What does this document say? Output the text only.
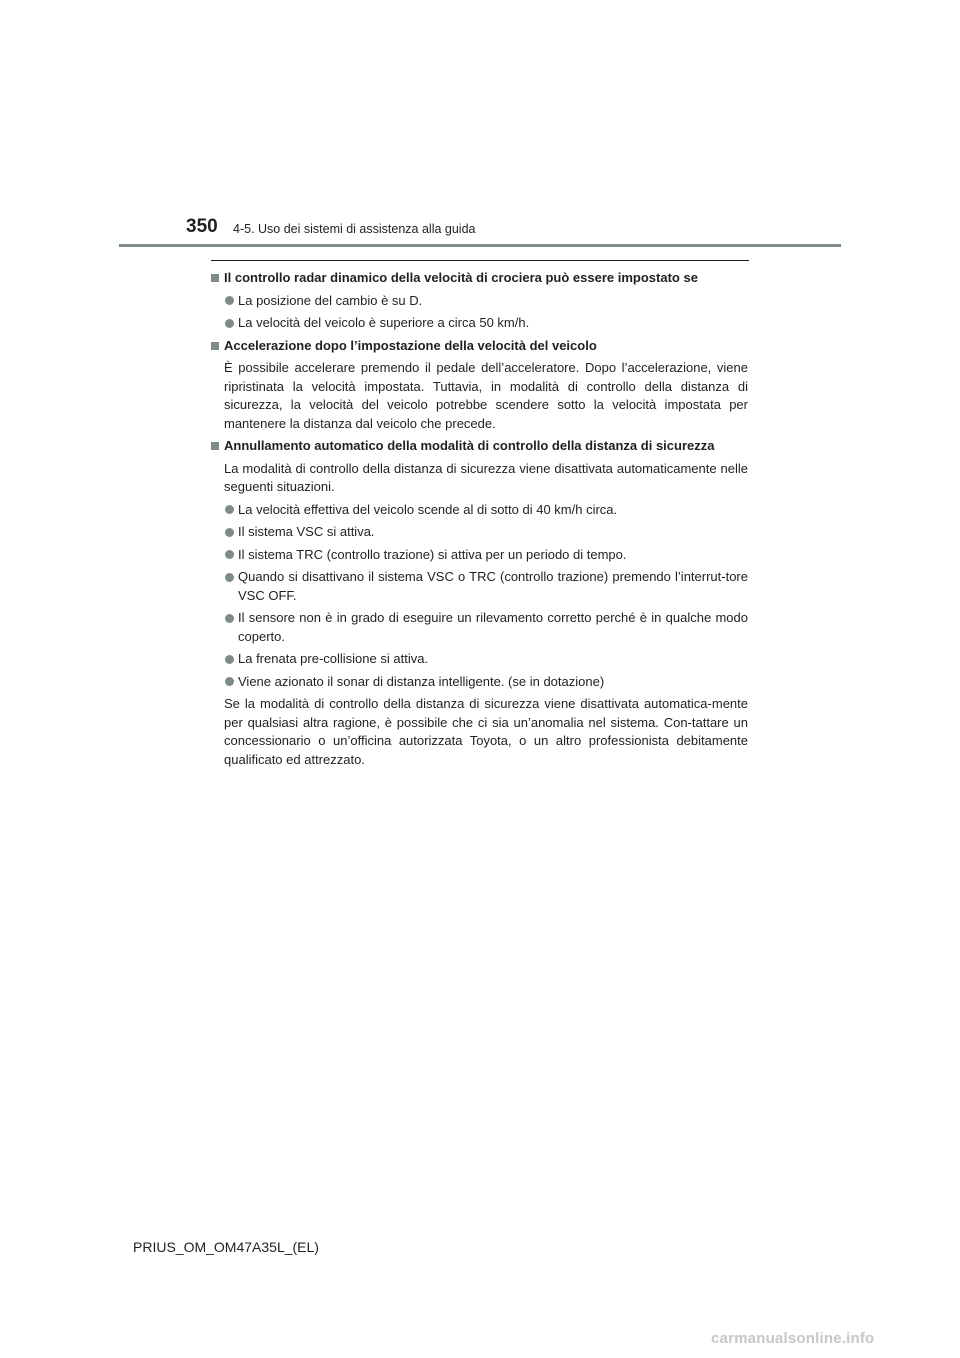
350 4-5. Uso dei sistemi di assistenza alla guida
Il controllo radar dinamico della velocità di crociera può essere impostato se
La posizione del cambio è su D.
La velocità del veicolo è superiore a circa 50 km/h.
Accelerazione dopo l’impostazione della velocità del veicolo
È possibile accelerare premendo il pedale dell’acceleratore. Dopo l’accelerazione, viene ripristinata la velocità impostata. Tuttavia, in modalità di controllo della distanza di sicurezza, la velocità del veicolo potrebbe scendere sotto la velocità impostata per mantenere la distanza dal veicolo che precede.
Annullamento automatico della modalità di controllo della distanza di sicurezza
La modalità di controllo della distanza di sicurezza viene disattivata automaticamente nelle seguenti situazioni.
La velocità effettiva del veicolo scende al di sotto di 40 km/h circa.
Il sistema VSC si attiva.
Il sistema TRC (controllo trazione) si attiva per un periodo di tempo.
Quando si disattivano il sistema VSC o TRC (controllo trazione) premendo l’interrut-tore VSC OFF.
Il sensore non è in grado di eseguire un rilevamento corretto perché è in qualche modo coperto.
La frenata pre-collisione si attiva.
Viene azionato il sonar di distanza intelligente. (se in dotazione)
Se la modalità di controllo della distanza di sicurezza viene disattivata automatica-mente per qualsiasi altra ragione, è possibile che ci sia un’anomalia nel sistema. Con-tattare un concessionario o un’officina autorizzata Toyota, o un altro professionista debitamente qualificato ed attrezzato.
PRIUS_OM_OM47A35L_(EL)
carmanualsonline.info
